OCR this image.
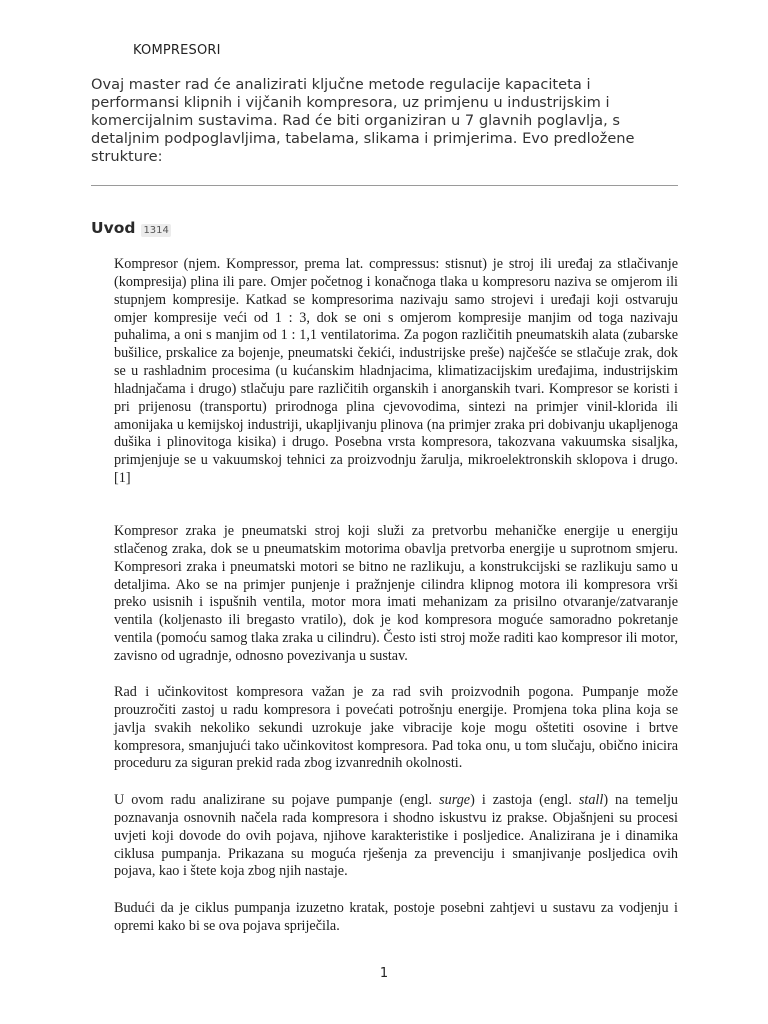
KOMPRESORI
Ovaj master rad će analizirati ključne metode regulacije kapaciteta i performansi klipnih i vijčanih kompresora, uz primjenu u industrijskim i komercijalnim sustavima. Rad će biti organiziran u 7 glavnih poglavlja, s detaljnim podpoglavljima, tabelama, slikama i primjerima. Evo predložene strukture:
Uvod 1314

Kompresor (njem. Kompressor, prema lat. compressus: stisnut) je stroj ili uređaj za stlačivanje (kompresija) plina ili pare. Omjer početnog i konačnoga tlaka u kompresoru naziva se omjerom ili stupnjem kompresije. Katkad se kompresorima nazivaju samo strojevi i uređaji koji ostvaruju omjer kompresije veći od 1 : 3, dok se oni s omjerom kompresije manjim od toga nazivaju puhalima, a oni s manjim od 1 : 1,1 ventilatorima. Za pogon različitih pneumatskih alata (zubarske bušilice, prskalice za bojenje, pneumatski čekići, industrijske preše) najčešće se stlačuje zrak, dok se u rashladnim procesima (u kućanskim hladnjacima, klimatizacijskim uređajima, industrijskim hladnjačama i drugo) stlačuju pare različitih organskih i anorganskih tvari. Kompresor se koristi i pri prijenosu (transportu) prirodnoga plina cjevovodima, sintezi na primjer vinil-klorida ili amonijaka u kemijskoj industriji, ukapljivanju plinova (na primjer zraka pri dobivanju ukapljenoga dušika i plinovitoga kisika) i drugo. Posebna vrsta kompresora, takozvana vakuumska sisaljka, primjenjuje se u vakuumskoj tehnici za proizvodnju žarulja, mikroelektronskih sklopova i drugo.[1]

Kompresor zraka je pneumatski stroj koji služi za pretvorbu mehaničke energije u energiju stlačenog zraka, dok se u pneumatskim motorima obavlja pretvorba energije u suprotnom smjeru. Kompresori zraka i pneumatski motori se bitno ne razlikuju, a konstrukcijski se razlikuju samo u detaljima. Ako se na primjer punjenje i pražnjenje cilindra klipnog motora ili kompresora vrši preko usisnih i ispušnih ventila, motor mora imati mehanizam za prisilno otvaranje/zatvaranje ventila (koljenasto ili bregasto vratilo), dok je kod kompresora moguće samoradno pokretanje ventila (pomoću samog tlaka zraka u cilindru). Često isti stroj može raditi kao kompresor ili motor, zavisno od ugradnje, odnosno povezivanja u sustav.

Rad i učinkovitost kompresora važan je za rad svih proizvodnih pogona. Pumpanje može prouzročiti zastoj u radu kompresora i povećati potrošnju energije. Promjena toka plina koja se javlja svakih nekoliko sekundi uzrokuje jake vibracije koje mogu oštetiti osovine i brtve kompresora, smanjujući tako učinkovitost kompresora. Pad toka onu, u tom slučaju, obično inicira proceduru za siguran prekid rada zbog izvanrednih okolnosti.

U ovom radu analizirane su pojave pumpanje (engl. surge) i zastoja (engl. stall) na temelju poznavanja osnovnih načela rada kompresora i shodno iskustvu iz prakse. Objašnjeni su procesi uvjeti koji dovode do ovih pojava, njihove karakteristike i posljedice. Analizirana je i dinamika ciklusa pumpanja. Prikazana su moguća rješenja za prevenciju i smanjivanje posljedica ovih pojava, kao i štete koja zbog njih nastaje.

Budući da je ciklus pumpanja izuzetno kratak, postoje posebni zahtjevi u sustavu za vodjenju i opremi kako bi se ova pojava spriječila.

1
